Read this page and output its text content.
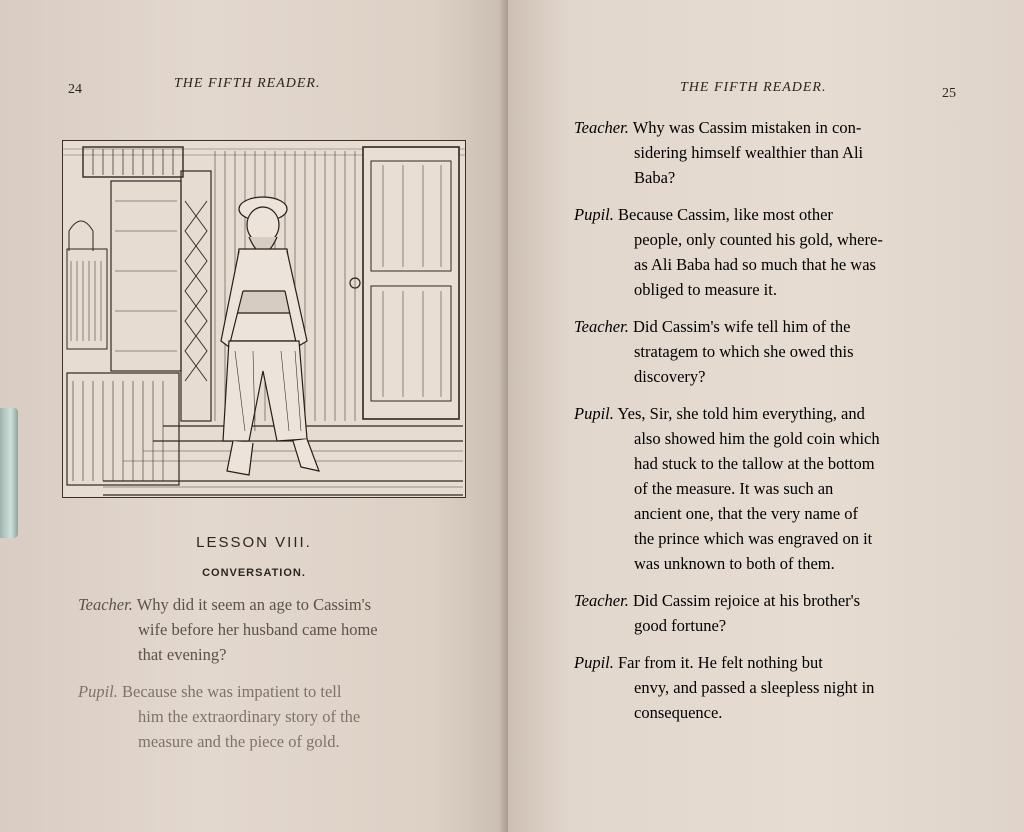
24	THE FIFTH READER.
LESSON VIII.
CONVERSATION.
Teacher. Why did it seem an age to Cassim's
wife before her husband came home
that evening?
Pupil. Because she was impatient to tell
him the extraordinary story of the
measure and the piece of gold.
THE FIFTH READER.	25
Teacher. Why was Cassim mistaken in con-
sidering himself wealthier than Ali
Baba?
Pupil. Because Cassim, like most other
people, only counted his gold, where-
as Ali Baba had so much that he was
obliged to measure it.
Teacher. Did Cassim's wife tell him of the
stratagem to which she owed this
discovery?
Pupil. Yes, Sir, she told him everything, and
also showed him the gold coin which
had stuck to the tallow at the bottom
of the measure. It was such an
ancient one, that the very name of
the prince which was engraved on it
was unknown to both of them.
Teacher. Did Cassim rejoice at his brother's
good fortune?
Pupil. Far from it. He felt nothing but
envy, and passed a sleepless night in
consequence.
